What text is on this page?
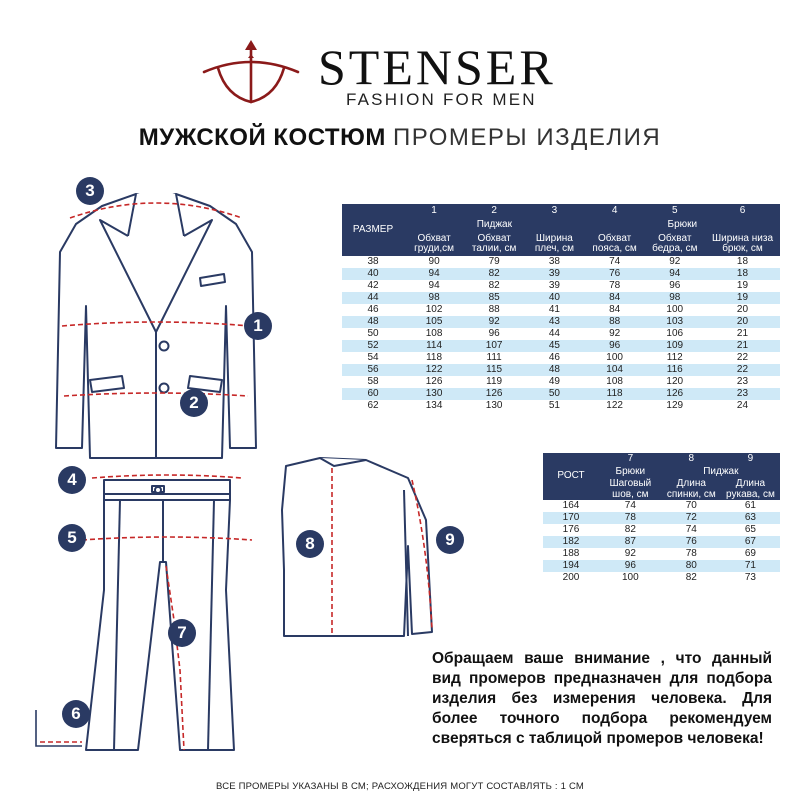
STENSER
FASHION FOR MEN
МУЖСКОЙ КОСТЮМ ПРОМЕРЫ ИЗДЕЛИЯ
1
2
3
4
5
6
7
8	9
РАЗМЕР	1	2	3	4	5	6
	Пиджак			Брюки		
	Обхват груди,см	Обхват талии, см	Ширина плеч, см	Обхват пояса, см	Обхват бедра, см	Ширина низа брюк, см
38	90	79	38	74	92	18
40	94	82	39	76	94	18
42	94	82	39	78	96	19
44	98	85	40	84	98	19
46	102	88	41	84	100	20
48	105	92	43	88	103	20
50	108	96	44	92	106	21
52	114	107	45	96	109	21
54	118	111	46	100	112	22
56	122	115	48	104	116	22
58	126	119	49	108	120	23
60	130	126	50	118	126	23
62	134	130	51	122	129	24
РОСТ	7	8	9
	Брюки	Пиджак	
	Шаговый шов, см	Длина спинки, см	Длина рукава, см
164	74	70	61
170	78	72	63
176	82	74	65
182	87	76	67
188	92	78	69
194	96	80	71
200	100	82	73
Обращаем ваше внимание , что данный вид промеров предназначен для подбора изделия без измерения человека. Для более точного подбора рекомендуем сверяться с таблицой промеров человека!
ВСЕ ПРОМЕРЫ УКАЗАНЫ В СМ; РАСХОЖДЕНИЯ МОГУТ СОСТАВЛЯТЬ : 1 СМ
